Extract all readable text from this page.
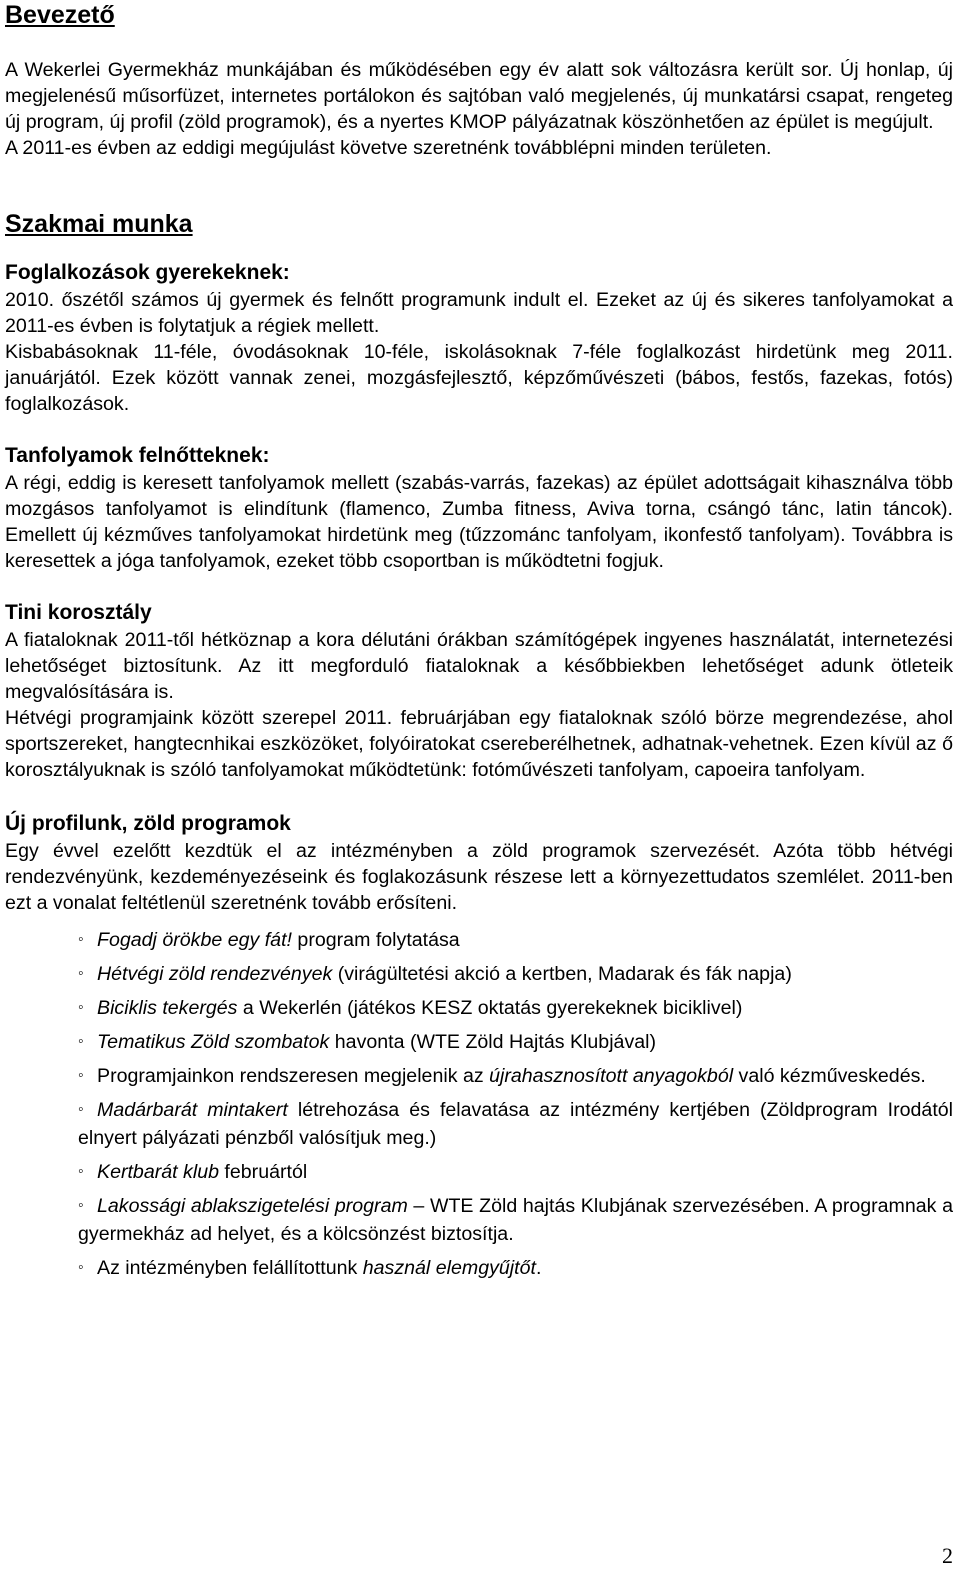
Bevezető

A Wekerlei Gyermekház munkájában és működésében egy év alatt sok változásra került sor. Új honlap, új megjelenésű műsorfüzet, internetes portálokon és sajtóban való megjelenés, új munkatársi csapat, rengeteg új program, új profil (zöld programok), és a nyertes KMOP pályázatnak köszönhetően az épület is megújult.

A 2011-es évben az eddigi megújulást követve szeretnénk továbblépni minden területen.

Szakmai munka
Foglalkozások gyerekeknek:

2010. őszétől számos új gyermek és felnőtt programunk indult el. Ezeket az új és sikeres tanfolyamokat a 2011-es évben is folytatjuk a régiek mellett.

Kisbabásoknak 11-féle, óvodásoknak 10-féle, iskolásoknak 7-féle foglalkozást hirdetünk meg 2011. januárjától. Ezek között vannak zenei, mozgásfejlesztő, képzőművészeti (bábos, festős, fazekas, fotós) foglalkozások.

Tanfolyamok felnőtteknek:

A régi, eddig is keresett tanfolyamok mellett (szabás-varrás, fazekas) az épület adottságait kihasználva több mozgásos tanfolyamot is elindítunk (flamenco, Zumba fitness, Aviva torna, csángó tánc, latin táncok). Emellett új kézműves tanfolyamokat hirdetünk meg (tűzzománc tanfolyam, ikonfestő tanfolyam). Továbbra is keresettek a jóga tanfolyamok, ezeket több csoportban is működtetni fogjuk.

Tini korosztály

A fiataloknak 2011-től hétköznap a kora délutáni órákban számítógépek ingyenes használatát, internetezési lehetőséget biztosítunk. Az itt megforduló fiataloknak a későbbiekben lehetőséget adunk ötleteik megvalósítására is.

Hétvégi programjaink között szerepel 2011. februárjában egy fiataloknak szóló börze megrendezése, ahol sportszereket, hangtecnhikai eszközöket, folyóiratokat csereberélhetnek, adhatnak-vehetnek. Ezen kívül az ő korosztályuknak is szóló tanfolyamokat működtetünk: fotóművészeti tanfolyam, capoeira tanfolyam.

Új profilunk, zöld programok

Egy évvel ezelőtt kezdtük el az intézményben a zöld programok szervezését. Azóta több hétvégi rendezvényünk, kezdeményezéseink és foglakozásunk részese lett a környezettudatos szemlélet. 2011-ben ezt a vonalat feltétlenül szeretnénk tovább erősíteni.

◦ Fogadj örökbe egy fát! program folytatása
◦ Hétvégi zöld rendezvények (virágültetési akció a kertben, Madarak és fák napja)
◦ Biciklis tekergés a Wekerlén (játékos KESZ oktatás gyerekeknek biciklivel)
◦ Tematikus Zöld szombatok havonta (WTE Zöld Hajtás Klubjával)
◦ Programjainkon rendszeresen megjelenik az újrahasznosított anyagokból való kézműveskedés.
◦ Madárbarát mintakert létrehozása és felavatása az intézmény kertjében (Zöldprogram Irodától elnyert pályázati pénzből valósítjuk meg.)
◦ Kertbarát klub februártól
◦ Lakossági ablakszigetelési program – WTE Zöld hajtás Klubjának szervezésében. A programnak a gyermekház ad helyet, és a kölcsönzést biztosítja.
◦ Az intézményben felállítottunk használ elemgyűjtőt.
2
